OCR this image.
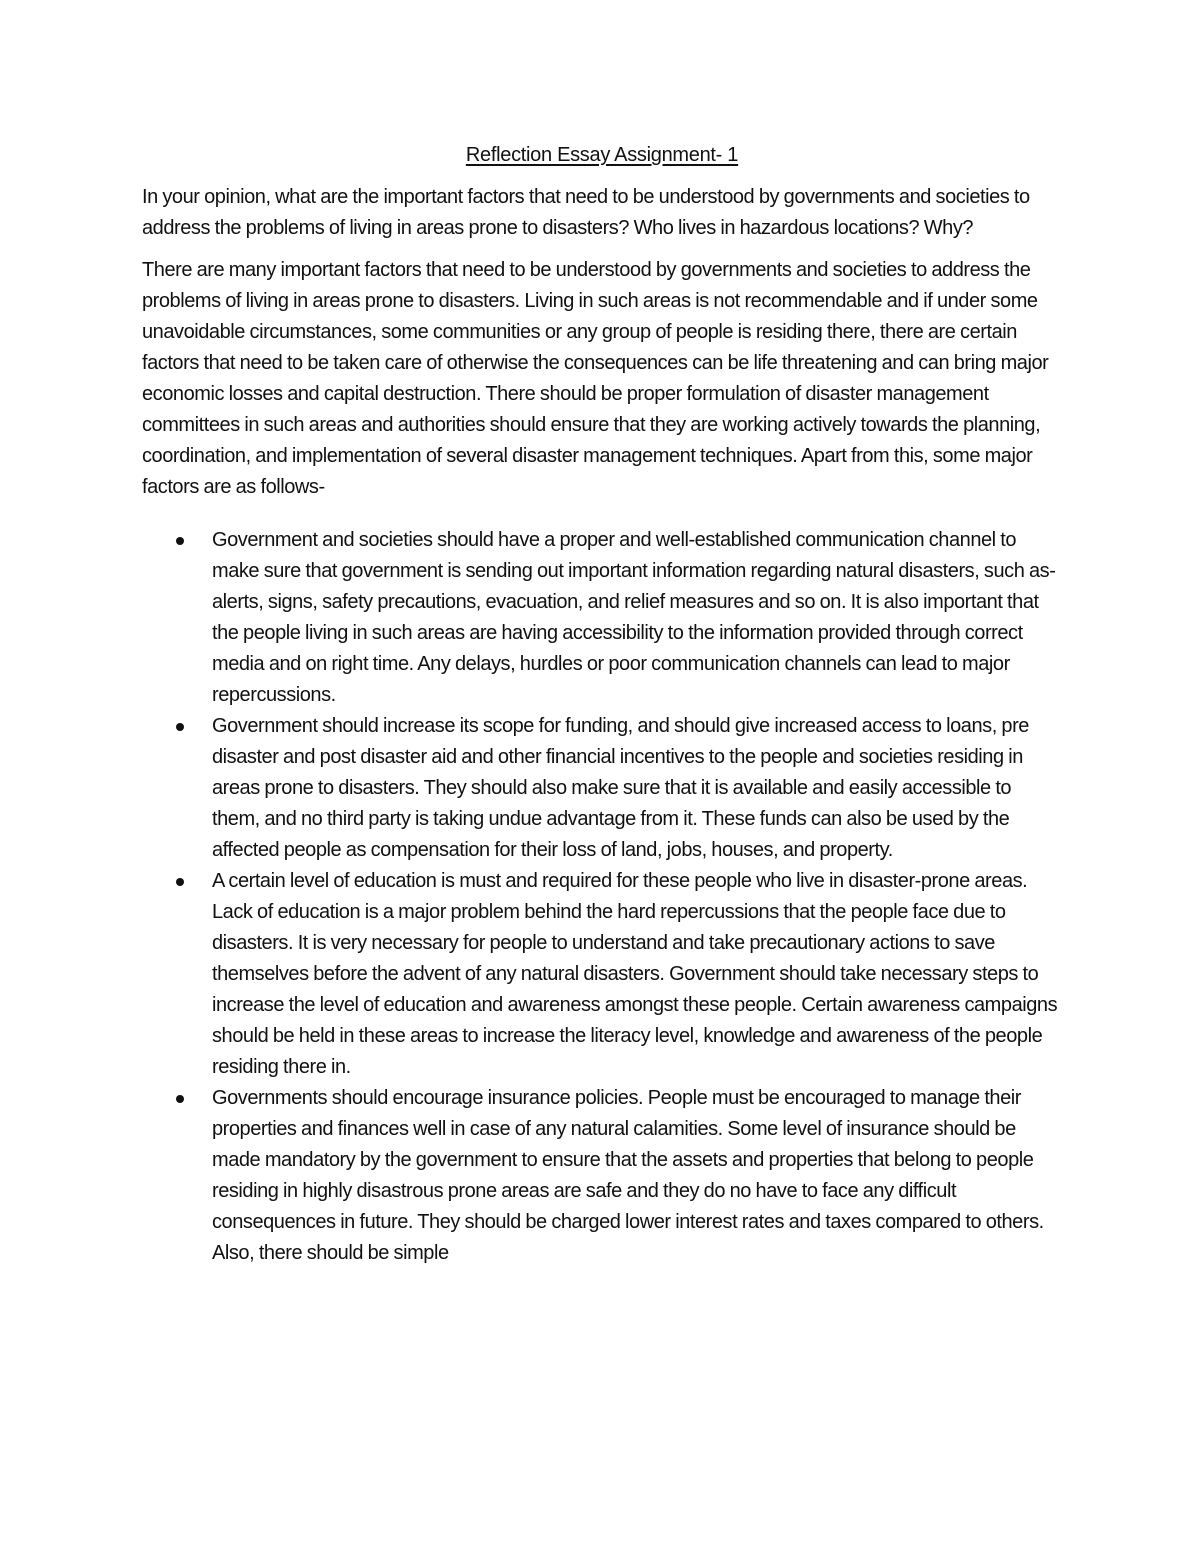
Reflection Essay Assignment- 1

In your opinion, what are the important factors that need to be understood by governments and societies to address the problems of living in areas prone to disasters? Who lives in hazardous locations? Why?

There are many important factors that need to be understood by governments and societies to address the problems of living in areas prone to disasters. Living in such areas is not recommendable and if under some unavoidable circumstances, some communities or any group of people is residing there, there are certain factors that need to be taken care of otherwise the consequences can be life threatening and can bring major economic losses and capital destruction. There should be proper formulation of disaster management committees in such areas and authorities should ensure that they are working actively towards the planning, coordination, and implementation of several disaster management techniques. Apart from this, some major factors are as follows-

Government and societies should have a proper and well-established communication channel to make sure that government is sending out important information regarding natural disasters, such as- alerts, signs, safety precautions, evacuation, and relief measures and so on. It is also important that the people living in such areas are having accessibility to the information provided through correct media and on right time. Any delays, hurdles or poor communication channels can lead to major repercussions.
Government should increase its scope for funding, and should give increased access to loans, pre disaster and post disaster aid and other financial incentives to the people and societies residing in areas prone to disasters. They should also make sure that it is available and easily accessible to them, and no third party is taking undue advantage from it. These funds can also be used by the affected people as compensation for their loss of land, jobs, houses, and property.
A certain level of education is must and required for these people who live in disaster-prone areas. Lack of education is a major problem behind the hard repercussions that the people face due to disasters. It is very necessary for people to understand and take precautionary actions to save themselves before the advent of any natural disasters. Government should take necessary steps to increase the level of education and awareness amongst these people. Certain awareness campaigns should be held in these areas to increase the literacy level, knowledge and awareness of the people residing there in.
Governments should encourage insurance policies. People must be encouraged to manage their properties and finances well in case of any natural calamities. Some level of insurance should be made mandatory by the government to ensure that the assets and properties that belong to people residing in highly disastrous prone areas are safe and they do no have to face any difficult consequences in future. They should be charged lower interest rates and taxes compared to others. Also, there should be simple
